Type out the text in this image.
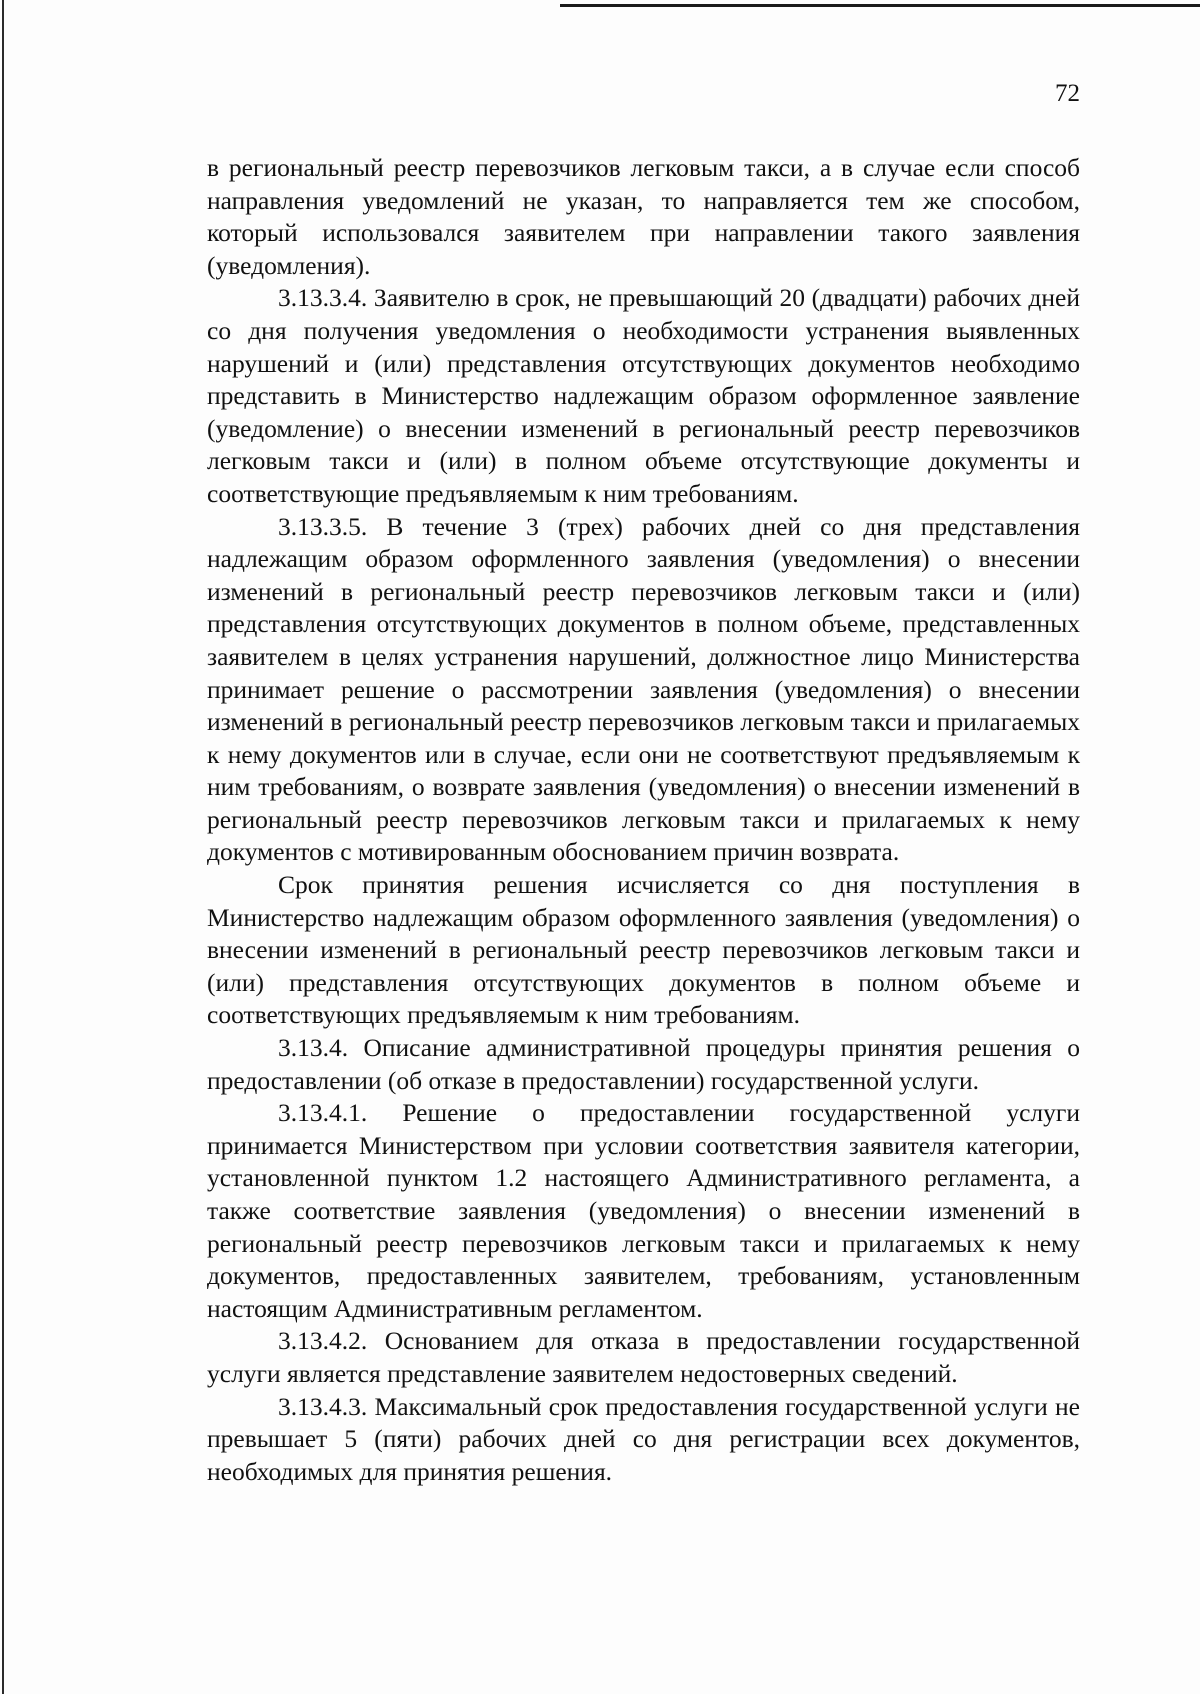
72

в региональный реестр перевозчиков легковым такси, а в случае если способ направления уведомлений не указан, то направляется тем же способом, который использовался заявителем при направлении такого заявления (уведомления).

3.13.3.4. Заявителю в срок, не превышающий 20 (двадцати) рабочих дней со дня получения уведомления о необходимости устранения выявленных нарушений и (или) представления отсутствующих документов необходимо представить в Министерство надлежащим образом оформленное заявление (уведомление) о внесении изменений в региональный реестр перевозчиков легковым такси и (или) в полном объеме отсутствующие документы и соответствующие предъявляемым к ним требованиям.

3.13.3.5. В течение 3 (трех) рабочих дней со дня представления надлежащим образом оформленного заявления (уведомления) о внесении изменений в региональный реестр перевозчиков легковым такси и (или) представления отсутствующих документов в полном объеме, представленных заявителем в целях устранения нарушений, должностное лицо Министерства принимает решение о рассмотрении заявления (уведомления) о внесении изменений в региональный реестр перевозчиков легковым такси и прилагаемых к нему документов или в случае, если они не соответствуют предъявляемым к ним требованиям, о возврате заявления (уведомления) о внесении изменений в региональный реестр перевозчиков легковым такси и прилагаемых к нему документов с мотивированным обоснованием причин возврата.

Срок принятия решения исчисляется со дня поступления в Министерство надлежащим образом оформленного заявления (уведомления) о внесении изменений в региональный реестр перевозчиков легковым такси и (или) представления отсутствующих документов в полном объеме и соответствующих предъявляемым к ним требованиям.

3.13.4. Описание административной процедуры принятия решения о предоставлении (об отказе в предоставлении) государственной услуги.

3.13.4.1. Решение о предоставлении государственной услуги принимается Министерством при условии соответствия заявителя категории, установленной пунктом 1.2 настоящего Административного регламента, а также соответствие заявления (уведомления) о внесении изменений в региональный реестр перевозчиков легковым такси и прилагаемых к нему документов, предоставленных заявителем, требованиям, установленным настоящим Административным регламентом.

3.13.4.2. Основанием для отказа в предоставлении государственной услуги является представление заявителем недостоверных сведений.

3.13.4.3. Максимальный срок предоставления государственной услуги не превышает 5 (пяти) рабочих дней со дня регистрации всех документов, необходимых для принятия решения.
